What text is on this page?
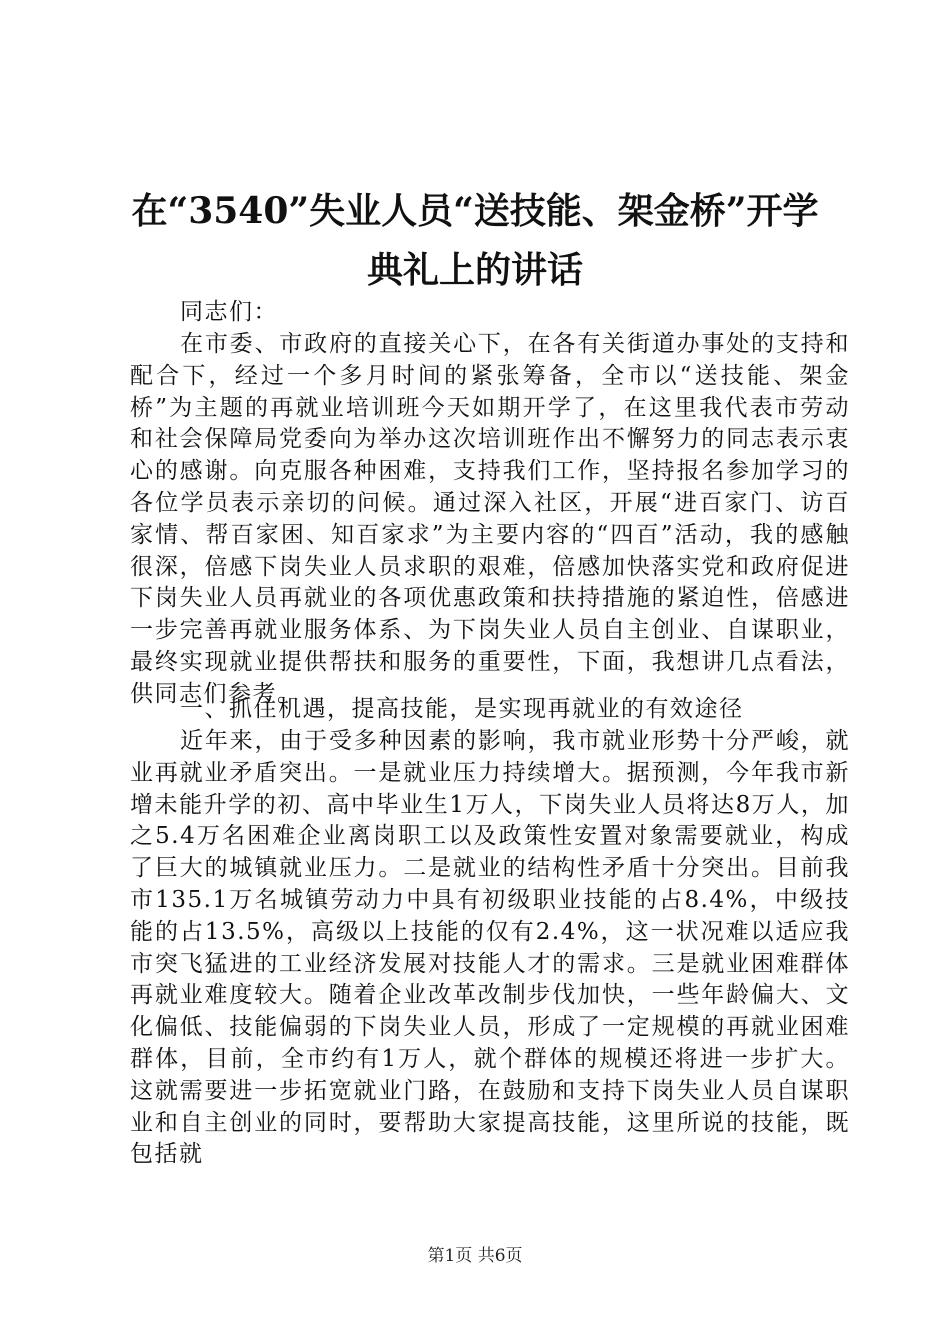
在“3540”失业人员“送技能、架金桥”开学
典礼上的讲话

同志们：

在市委、市政府的直接关心下，在各有关街道办事处的支持和配合下，经过一个多月时间的紧张筹备，全市以“送技能、架金桥”为主题的再就业培训班今天如期开学了，在这里我代表市劳动和社会保障局党委向为举办这次培训班作出不懈努力的同志表示衷心的感谢。向克服各种困难，支持我们工作，坚持报名参加学习的各位学员表示亲切的问候。通过深入社区，开展“进百家门、访百家情、帮百家困、知百家求”为主要内容的“四百”活动，我的感触很深，倍感下岗失业人员求职的艰难，倍感加快落实党和政府促进下岗失业人员再就业的各项优惠政策和扶持措施的紧迫性，倍感进一步完善再就业服务体系、为下岗失业人员自主创业、自谋职业，最终实现就业提供帮扶和服务的重要性，下面，我想讲几点看法，供同志们参考。

一、抓住机遇，提高技能，是实现再就业的有效途径

近年来，由于受多种因素的影响，我市就业形势十分严峻，就业再就业矛盾突出。一是就业压力持续增大。据预测，今年我市新增未能升学的初、高中毕业生1万人，下岗失业人员将达8万人，加之5.4万名困难企业离岗职工以及政策性安置对象需要就业，构成了巨大的城镇就业压力。二是就业的结构性矛盾十分突出。目前我市135.1万名城镇劳动力中具有初级职业技能的占8.4%，中级技能的占13.5%，高级以上技能的仅有2.4%，这一状况难以适应我市突飞猛进的工业经济发展对技能人才的需求。三是就业困难群体再就业难度较大。随着企业改革改制步伐加快，一些年龄偏大、文化偏低、技能偏弱的下岗失业人员，形成了一定规模的再就业困难群体，目前，全市约有1万人，就个群体的规模还将进一步扩大。这就需要进一步拓宽就业门路，在鼓励和支持下岗失业人员自谋职业和自主创业的同时，要帮助大家提高技能，这里所说的技能，既包括就

第1页 共6页
